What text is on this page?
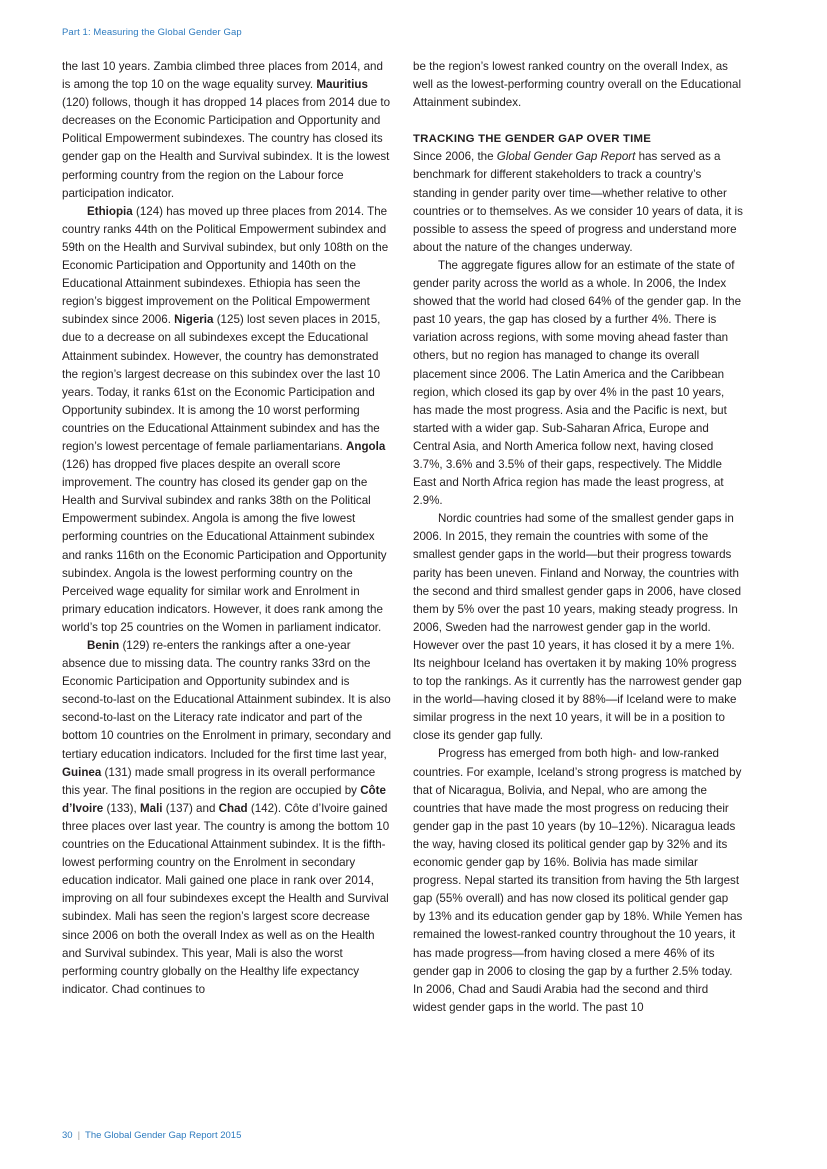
Part 1: Measuring the Global Gender Gap

the last 10 years. Zambia climbed three places from 2014, and is among the top 10 on the wage equality survey. Mauritius (120) follows, though it has dropped 14 places from 2014 due to decreases on the Economic Participation and Opportunity and Political Empowerment subindexes. The country has closed its gender gap on the Health and Survival subindex. It is the lowest performing country from the region on the Labour force participation indicator.

Ethiopia (124) has moved up three places from 2014. The country ranks 44th on the Political Empowerment subindex and 59th on the Health and Survival subindex, but only 108th on the Economic Participation and Opportunity and 140th on the Educational Attainment subindexes. Ethiopia has seen the region’s biggest improvement on the Political Empowerment subindex since 2006. Nigeria (125) lost seven places in 2015, due to a decrease on all subindexes except the Educational Attainment subindex. However, the country has demonstrated the region’s largest decrease on this subindex over the last 10 years. Today, it ranks 61st on the Economic Participation and Opportunity subindex. It is among the 10 worst performing countries on the Educational Attainment subindex and has the region’s lowest percentage of female parliamentarians. Angola (126) has dropped five places despite an overall score improvement. The country has closed its gender gap on the Health and Survival subindex and ranks 38th on the Political Empowerment subindex. Angola is among the five lowest performing countries on the Educational Attainment subindex and ranks 116th on the Economic Participation and Opportunity subindex. Angola is the lowest performing country on the Perceived wage equality for similar work and Enrolment in primary education indicators. However, it does rank among the world’s top 25 countries on the Women in parliament indicator.

Benin (129) re-enters the rankings after a one-year absence due to missing data. The country ranks 33rd on the Economic Participation and Opportunity subindex and is second-to-last on the Educational Attainment subindex. It is also second-to-last on the Literacy rate indicator and part of the bottom 10 countries on the Enrolment in primary, secondary and tertiary education indicators. Included for the first time last year, Guinea (131) made small progress in its overall performance this year. The final positions in the region are occupied by Côte d’Ivoire (133), Mali (137) and Chad (142). Côte d’Ivoire gained three places over last year. The country is among the bottom 10 countries on the Educational Attainment subindex. It is the fifth-lowest performing country on the Enrolment in secondary education indicator. Mali gained one place in rank over 2014, improving on all four subindexes except the Health and Survival subindex. Mali has seen the region’s largest score decrease since 2006 on both the overall Index as well as on the Health and Survival subindex. This year, Mali is also the worst performing country globally on the Healthy life expectancy indicator. Chad continues to

be the region’s lowest ranked country on the overall Index, as well as the lowest-performing country overall on the Educational Attainment subindex.

TRACKING THE GENDER GAP OVER TIME

Since 2006, the Global Gender Gap Report has served as a benchmark for different stakeholders to track a country’s standing in gender parity over time—whether relative to other countries or to themselves. As we consider 10 years of data, it is possible to assess the speed of progress and understand more about the nature of the changes underway.

The aggregate figures allow for an estimate of the state of gender parity across the world as a whole. In 2006, the Index showed that the world had closed 64% of the gender gap. In the past 10 years, the gap has closed by a further 4%. There is variation across regions, with some moving ahead faster than others, but no region has managed to change its overall placement since 2006. The Latin America and the Caribbean region, which closed its gap by over 4% in the past 10 years, has made the most progress. Asia and the Pacific is next, but started with a wider gap. Sub-Saharan Africa, Europe and Central Asia, and North America follow next, having closed 3.7%, 3.6% and 3.5% of their gaps, respectively. The Middle East and North Africa region has made the least progress, at 2.9%.

Nordic countries had some of the smallest gender gaps in 2006. In 2015, they remain the countries with some of the smallest gender gaps in the world—but their progress towards parity has been uneven. Finland and Norway, the countries with the second and third smallest gender gaps in 2006, have closed them by 5% over the past 10 years, making steady progress. In 2006, Sweden had the narrowest gender gap in the world. However over the past 10 years, it has closed it by a mere 1%. Its neighbour Iceland has overtaken it by making 10% progress to top the rankings. As it currently has the narrowest gender gap in the world—having closed it by 88%—if Iceland were to make similar progress in the next 10 years, it will be in a position to close its gender gap fully.

Progress has emerged from both high- and low-ranked countries. For example, Iceland’s strong progress is matched by that of Nicaragua, Bolivia, and Nepal, who are among the countries that have made the most progress on reducing their gender gap in the past 10 years (by 10–12%). Nicaragua leads the way, having closed its political gender gap by 32% and its economic gender gap by 16%. Bolivia has made similar progress. Nepal started its transition from having the 5th largest gap (55% overall) and has now closed its political gender gap by 13% and its education gender gap by 18%. While Yemen has remained the lowest-ranked country throughout the 10 years, it has made progress—from having closed a mere 46% of its gender gap in 2006 to closing the gap by a further 2.5% today. In 2006, Chad and Saudi Arabia had the second and third widest gender gaps in the world. The past 10

30 | The Global Gender Gap Report 2015
